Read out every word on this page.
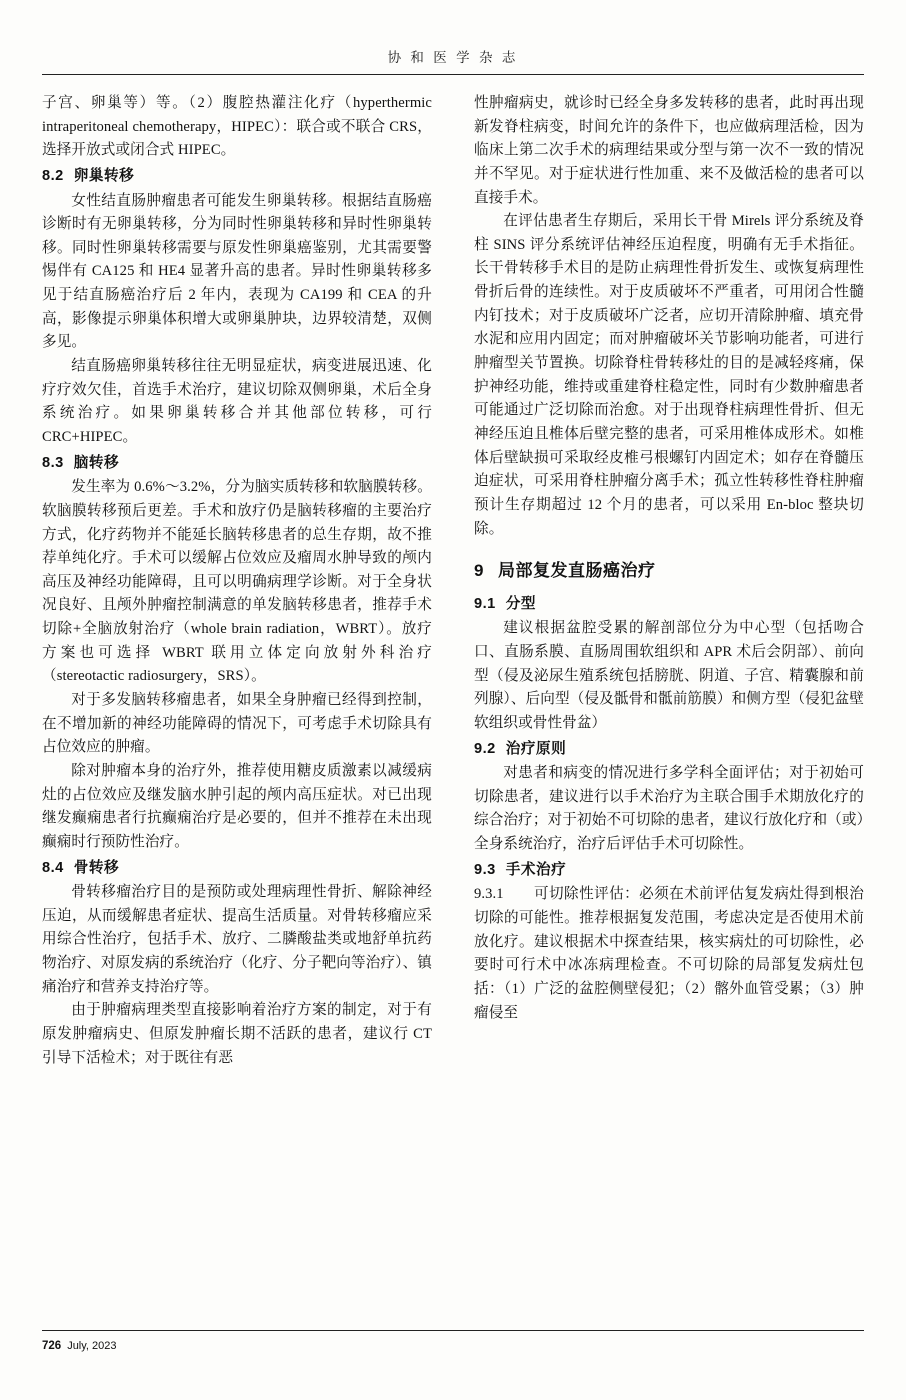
协 和 医 学 杂 志

子宫、卵巢等）等。（2）腹腔热灌注化疗（hyperthermic intraperitoneal chemotherapy，HIPEC）：联合或不联合 CRS，选择开放式或闭合式 HIPEC。

8.2 卵巢转移

女性结直肠肿瘤患者可能发生卵巢转移。根据结直肠癌诊断时有无卵巢转移，分为同时性卵巢转移和异时性卵巢转移。同时性卵巢转移需要与原发性卵巢癌鉴别，尤其需要警惕伴有 CA125 和 HE4 显著升高的患者。异时性卵巢转移多见于结直肠癌治疗后 2 年内，表现为 CA199 和 CEA 的升高，影像提示卵巢体积增大或卵巢肿块，边界较清楚，双侧多见。

结直肠癌卵巢转移往往无明显症状，病变进展迅速、化疗疗效欠佳，首选手术治疗，建议切除双侧卵巢，术后全身系统治疗。如果卵巢转移合并其他部位转移，可行 CRC+HIPEC。

8.3 脑转移

发生率为 0.6%～3.2%，分为脑实质转移和软脑膜转移。软脑膜转移预后更差。手术和放疗仍是脑转移瘤的主要治疗方式，化疗药物并不能延长脑转移患者的总生存期，故不推荐单纯化疗。手术可以缓解占位效应及瘤周水肿导致的颅内高压及神经功能障碍，且可以明确病理学诊断。对于全身状况良好、且颅外肿瘤控制满意的单发脑转移患者，推荐手术切除+全脑放射治疗（whole brain radiation，WBRT）。放疗方案也可选择 WBRT 联用立体定向放射外科治疗（stereotactic radiosurgery，SRS）。

对于多发脑转移瘤患者，如果全身肿瘤已经得到控制，在不增加新的神经功能障碍的情况下，可考虑手术切除具有占位效应的肿瘤。

除对肿瘤本身的治疗外，推荐使用糖皮质激素以减缓病灶的占位效应及继发脑水肿引起的颅内高压症状。对已出现继发癫痫患者行抗癫痫治疗是必要的，但并不推荐在未出现癫痫时行预防性治疗。

8.4 骨转移

骨转移瘤治疗目的是预防或处理病理性骨折、解除神经压迫，从而缓解患者症状、提高生活质量。对骨转移瘤应采用综合性治疗，包括手术、放疗、二膦酸盐类或地舒单抗药物治疗、对原发病的系统治疗（化疗、分子靶向等治疗）、镇痛治疗和营养支持治疗等。

由于肿瘤病理类型直接影响着治疗方案的制定，对于有原发肿瘤病史、但原发肿瘤长期不活跃的患者，建议行 CT 引导下活检术；对于既往有恶

性肿瘤病史，就诊时已经全身多发转移的患者，此时再出现新发脊柱病变，时间允许的条件下，也应做病理活检，因为临床上第二次手术的病理结果或分型与第一次不一致的情况并不罕见。对于症状进行性加重、来不及做活检的患者可以直接手术。

在评估患者生存期后，采用长干骨 Mirels 评分系统及脊柱 SINS 评分系统评估神经压迫程度，明确有无手术指征。长干骨转移手术目的是防止病理性骨折发生、或恢复病理性骨折后骨的连续性。对于皮质破坏不严重者，可用闭合性髓内钉技术；对于皮质破坏广泛者，应切开清除肿瘤、填充骨水泥和应用内固定；而对肿瘤破坏关节影响功能者，可进行肿瘤型关节置换。切除脊柱骨转移灶的目的是减轻疼痛，保护神经功能，维持或重建脊柱稳定性，同时有少数肿瘤患者可能通过广泛切除而治愈。对于出现脊柱病理性骨折、但无神经压迫且椎体后壁完整的患者，可采用椎体成形术。如椎体后壁缺损可采取经皮椎弓根螺钉内固定术；如存在脊髓压迫症状，可采用脊柱肿瘤分离手术；孤立性转移性脊柱肿瘤预计生存期超过 12 个月的患者，可以采用 En-bloc 整块切除。

9 局部复发直肠癌治疗
9.1 分型

建议根据盆腔受累的解剖部位分为中心型（包括吻合口、直肠系膜、直肠周围软组织和 APR 术后会阴部）、前向型（侵及泌尿生殖系统包括膀胱、阴道、子宫、精囊腺和前列腺）、后向型（侵及骶骨和骶前筋膜）和侧方型（侵犯盆壁软组织或骨性骨盆）

9.2 治疗原则

对患者和病变的情况进行多学科全面评估；对于初始可切除患者，建议进行以手术治疗为主联合围手术期放化疗的综合治疗；对于初始不可切除的患者，建议行放化疗和（或）全身系统治疗，治疗后评估手术可切除性。

9.3 手术治疗

9.3.1　　可切除性评估：必须在术前评估复发病灶得到根治切除的可能性。推荐根据复发范围，考虑决定是否使用术前放化疗。建议根据术中探查结果，核实病灶的可切除性，必要时可行术中冰冻病理检查。不可切除的局部复发病灶包括：（1）广泛的盆腔侧壁侵犯；（2）髂外血管受累；（3）肿瘤侵至

726 July, 2023
